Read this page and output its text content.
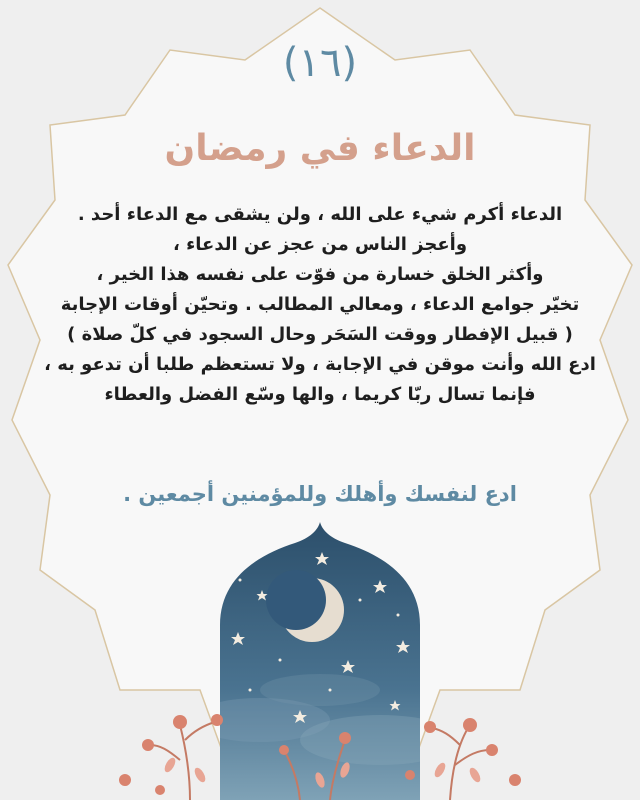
(١٦)
الدعاء في رمضان
الدعاء أكرم شيء على الله ، ولن يشقى مع الدعاء أحد .
وأعجز الناس من عجز عن الدعاء ،
وأكثر الخلق خسارة من فوّت على نفسه هذا الخير ،
تخيّر جوامع الدعاء ، ومعالي المطالب . وتحيّن أوقات الإجابة
( قبيل الإفطار ووقت السَحَر وحال السجود في كلّ صلاة )
ادع الله وأنت موقن في الإجابة ، ولا تستعظم طلبا أن تدعو به ،
فإنما تسال ربّا كريما ، والها وسّع الفضل والعطاء
ادع لنفسك وأهلك وللمؤمنين أجمعين .
